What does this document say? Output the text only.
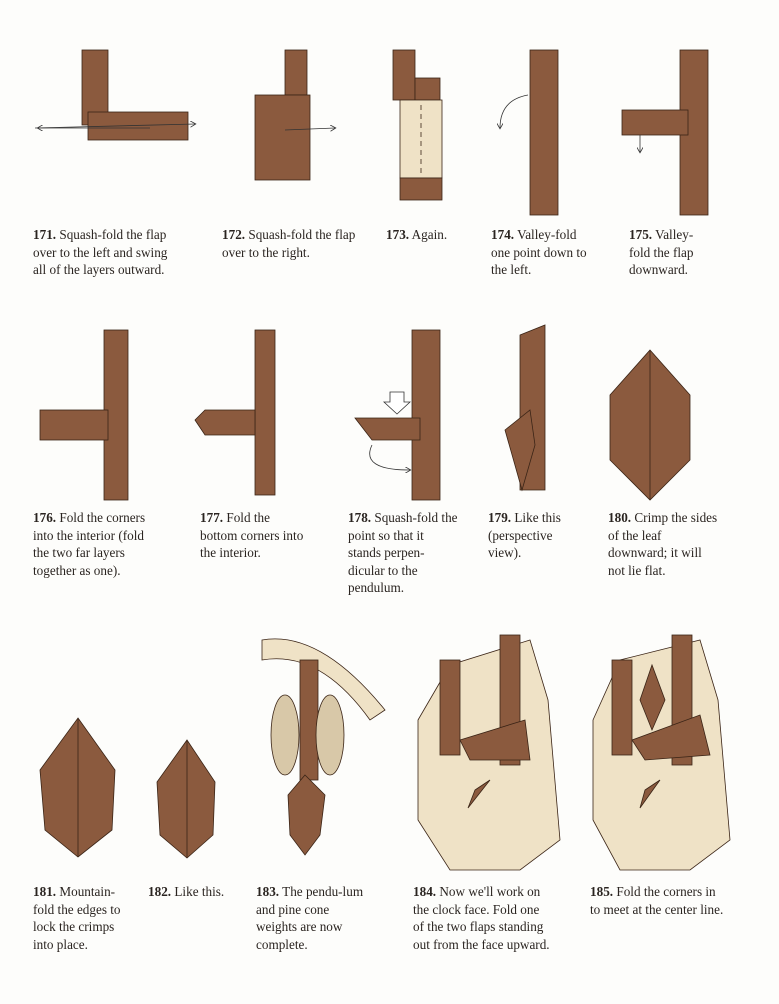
171. Squash-fold the flap over to the left and swing all of the layers outward.
172. Squash-fold the flap over to the right.
173. Again.	174. Valley-fold one point down to the left.
175. Valley-fold the flap downward.
176. Fold the corners into the interior (fold the two far layers together as one).
177. Fold the bottom corners into the interior.
178. Squash-fold the point so that it stands perpen-dicular to the pendulum.
179. Like this (perspective view).
180. Crimp the sides of the leaf downward; it will not lie flat.
181. Mountain-fold the edges to lock the crimps into place.
182. Like this.	183. The pendu-lum and pine cone weights are now complete.
184. Now we'll work on the clock face. Fold one of the two flaps standing out from the face upward.
185. Fold the corners in to meet at the center line.
